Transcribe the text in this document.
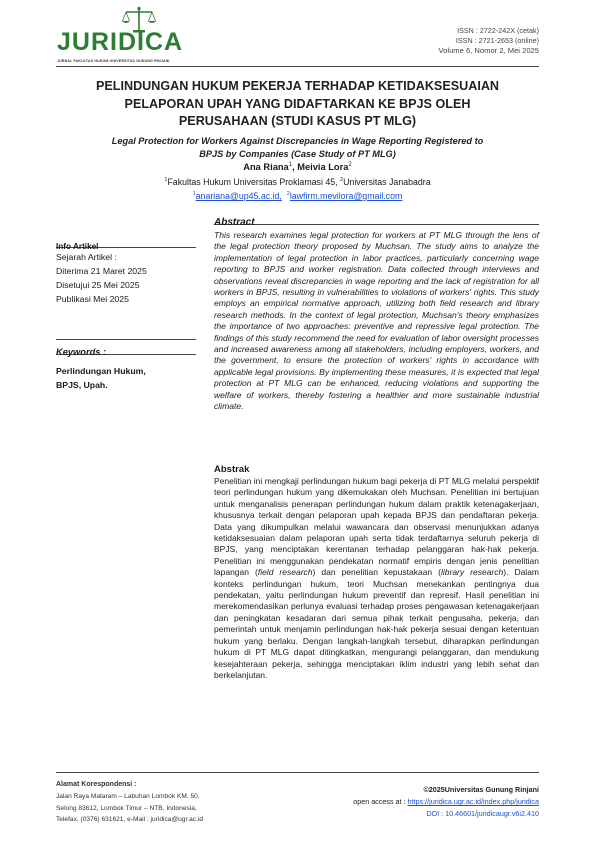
JURIDICA
JURNAL FAKULTAS HUKUM UNIVERSITAS GUNUNG RINJANI
ISSN : 2722-242X (cetak)
ISSN : 2721-2653 (online)
Volume 6, Nomor 2, Mei 2025
PELINDUNGAN HUKUM PEKERJA TERHADAP KETIDAKSESUAIAN
PELAPORAN UPAH YANG DIDAFTARKAN KE BPJS OLEH
PERUSAHAAN (STUDI KASUS PT MLG)
Legal Protection for Workers Against Discrepancies in Wage Reporting Registered to
BPJS by Companies (Case Study of PT MLG)
Ana Riana$^1$, Meivia Lora$^2$
$^1$Fakultas Hukum Universitas Proklamasi 45, $^2$Universitas Janabadra
$^1$anariana@up45.ac.id, $^2$lawfirm.mevilora@gmail.com
Info Artikel
Sejarah Artikel :
Diterima 21 Maret 2025
Disetujui 25 Mei 2025
Publikasi Mei 2025
Keywords :
Perlindungan Hukum,
BPJS, Upah.
Abstract
This research examines legal protection for workers at PT MLG through the lens of the legal protection theory proposed by Muchsan. The study aims to analyze the implementation of legal protection in labor practices, particularly concerning wage reporting to BPJS and worker registration. Data collected through interviews and observations reveal discrepancies in wage reporting and the lack of registration for all workers in BPJS, resulting in vulnerabilities to violations of workers' rights. This study employs an empirical normative approach, utilizing both field research and library research methods. In the context of legal protection, Muchsan's theory emphasizes the importance of two approaches: preventive and repressive legal protection. The findings of this study recommend the need for evaluation of labor oversight processes and increased awareness among all stakeholders, including employers, workers, and the government, to ensure the protection of workers' rights in accordance with applicable legal provisions. By implementing these measures, it is expected that legal protection at PT MLG can be enhanced, reducing violations and supporting the welfare of workers, thereby fostering a healthier and more sustainable industrial climate.
Abstrak
Penelitian ini mengkaji perlindungan hukum bagi pekerja di PT MLG melalui perspektif teori perlindungan hukum yang dikemukakan oleh Muchsan. Penelitian ini bertujuan untuk menganalisis penerapan perlindungan hukum dalam praktik ketenagakerjaan, khususnya terkait dengan pelaporan upah kepada BPJS dan pendaftaran pekerja. Data yang dikumpulkan melalui wawancara dan observasi menunjukkan adanya ketidaksesuaian dalam pelaporan upah serta tidak terdaftarnya seluruh pekerja di BPJS, yang menciptakan kerentanan terhadap pelanggaran hak-hak pekerja. Penelitian ini menggunakan pendekatan normatif empiris dengan jenis penelitian lapangan (field research) dan penelitian kepustakaan (library research). Dalam konteks perlindungan hukum, teori Muchsan menekankan pentingnya dua pendekatan, yaitu perlindungan hukum preventif dan represif. Hasil penelitian ini merekomendasikan perlunya evaluasi terhadap proses pengawasan ketenagakerjaan dan peningkatan kesadaran dari semua pihak terkait pengusaha, pekerja, dan pemerintah untuk menjamin perlindungan hak-hak pekerja sesuai dengan ketentuan hukum yang berlaku. Dengan langkah-langkah tersebut, diharapkan perlindungan hukum di PT MLG dapat ditingkatkan, mengurangi pelanggaran, dan mendukung kesejahteraan pekerja, sehingga menciptakan iklim industri yang lebih sehat dan berkelanjutan.
Alamat Korespondensi :
Jalan Raya Mataram – Labuhan Lombok KM. 50,
Selong 83612, Lombok Timur – NTB, Indonesia,
Telefax. (0376) 631621, e-Mail : juridica@ugr.ac.id
©2025Universitas Gunung Rinjani
open access at : https://juridica.ugr.ac.id/index.php/juridica
DOI : 10.46601/juridicaugr.v6i2.410
